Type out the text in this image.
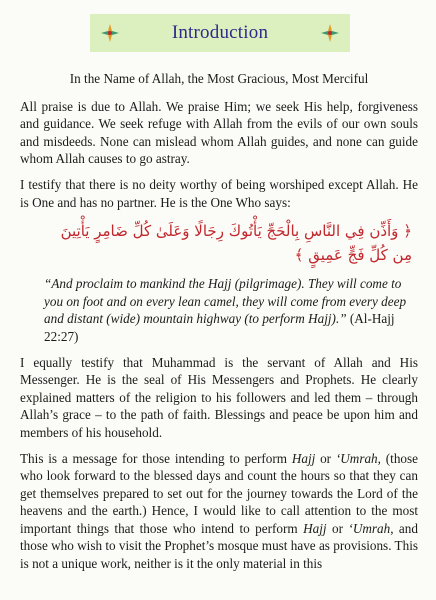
Introduction

In the Name of Allah, the Most Gracious, Most Merciful

All praise is due to Allah. We praise Him; we seek His help, forgiveness and guidance. We seek refuge with Allah from the evils of our own souls and misdeeds. None can mislead whom Allah guides, and none can guide whom Allah causes to go astray.

I testify that there is no deity worthy of being worshiped except Allah. He is One and has no partner. He is the One Who says:

﴿ وَأَذِّن فِي النَّاسِ بِالْحَجِّ يَأْتُوكَ رِجَالًا وَعَلَىٰ كُلِّ ضَامِرٍ يَأْتِينَ
مِن كُلِّ فَجٍّ عَمِيقٍ ﴾

“And proclaim to mankind the Hajj (pilgrimage). They will come to you on foot and on every lean camel, they will come from every deep and distant (wide) mountain highway (to perform Hajj).” (Al-Hajj 22:27)

I equally testify that Muhammad is the servant of Allah and His Messenger. He is the seal of His Messengers and Prophets. He clearly explained matters of the religion to his followers and led them – through Allah’s grace – to the path of faith. Blessings and peace be upon him and members of his household.

This is a message for those intending to perform Hajj or ‘Umrah, (those who look forward to the blessed days and count the hours so that they can get themselves prepared to set out for the journey towards the Lord of the heavens and the earth.) Hence, I would like to call attention to the most important things that those who intend to perform Hajj or ‘Umrah, and those who wish to visit the Prophet’s mosque must have as provisions. This is not a unique work, neither is it the only material in this
